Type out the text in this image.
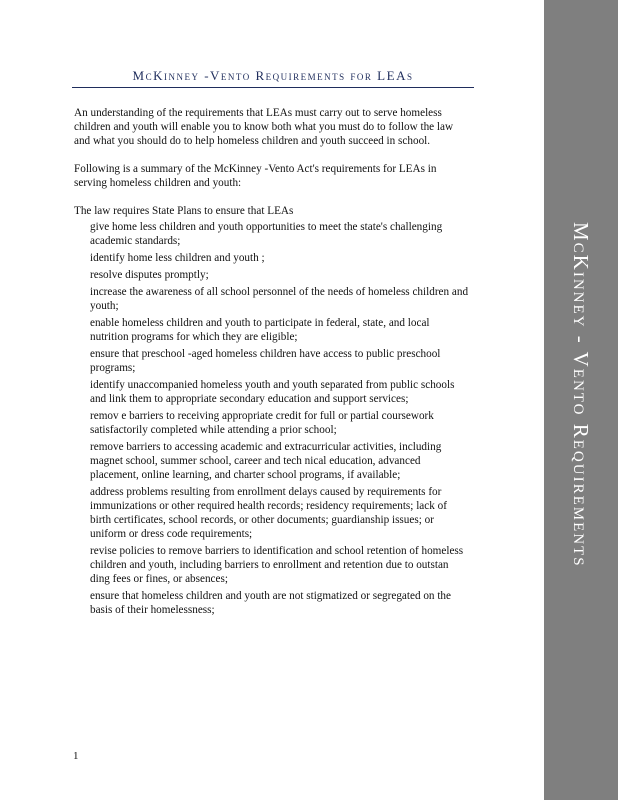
McKinney -Vento Requirements for LEAs

An understanding of the requirements that LEAs must carry out to serve homeless children and youth will enable you to know both what you must do to follow the law and what you should do to help homeless children and youth succeed in school.

Following is a summary of the McKinney -Vento Act's requirements for LEAs in serving homeless children and youth:

The law requires State Plans to ensure that LEAs

give home less children and youth opportunities to meet the state's challenging academic standards;
identify home less children and youth ;
resolve disputes promptly;
increase the awareness of all school personnel of the needs of homeless children and youth;
enable homeless children and youth to participate in federal, state, and local nutrition programs for which they are eligible;
ensure that preschool -aged homeless children have access to public preschool programs;
identify unaccompanied homeless youth and youth separated from public schools and link them to appropriate secondary education and support services;
remov e barriers to receiving appropriate credit for full or partial coursework satisfactorily completed while attending a prior school;
remove barriers to accessing academic and extracurricular activities, including magnet school, summer school, career and tech nical education, advanced placement, online learning, and charter school programs, if available;
address problems resulting from enrollment delays caused by requirements for immunizations or other required health records; residency requirements; lack of birth certificates, school records, or other documents; guardianship issues; or uniform or dress code requirements;
revise policies to remove barriers to identification and school retention of homeless children and youth, including barriers to enrollment and retention due to outstan ding fees or fines, or absences;
ensure that homeless children and youth are not stigmatized or segregated on the basis of their homelessness;
1
McKinney - Vento Requirements
